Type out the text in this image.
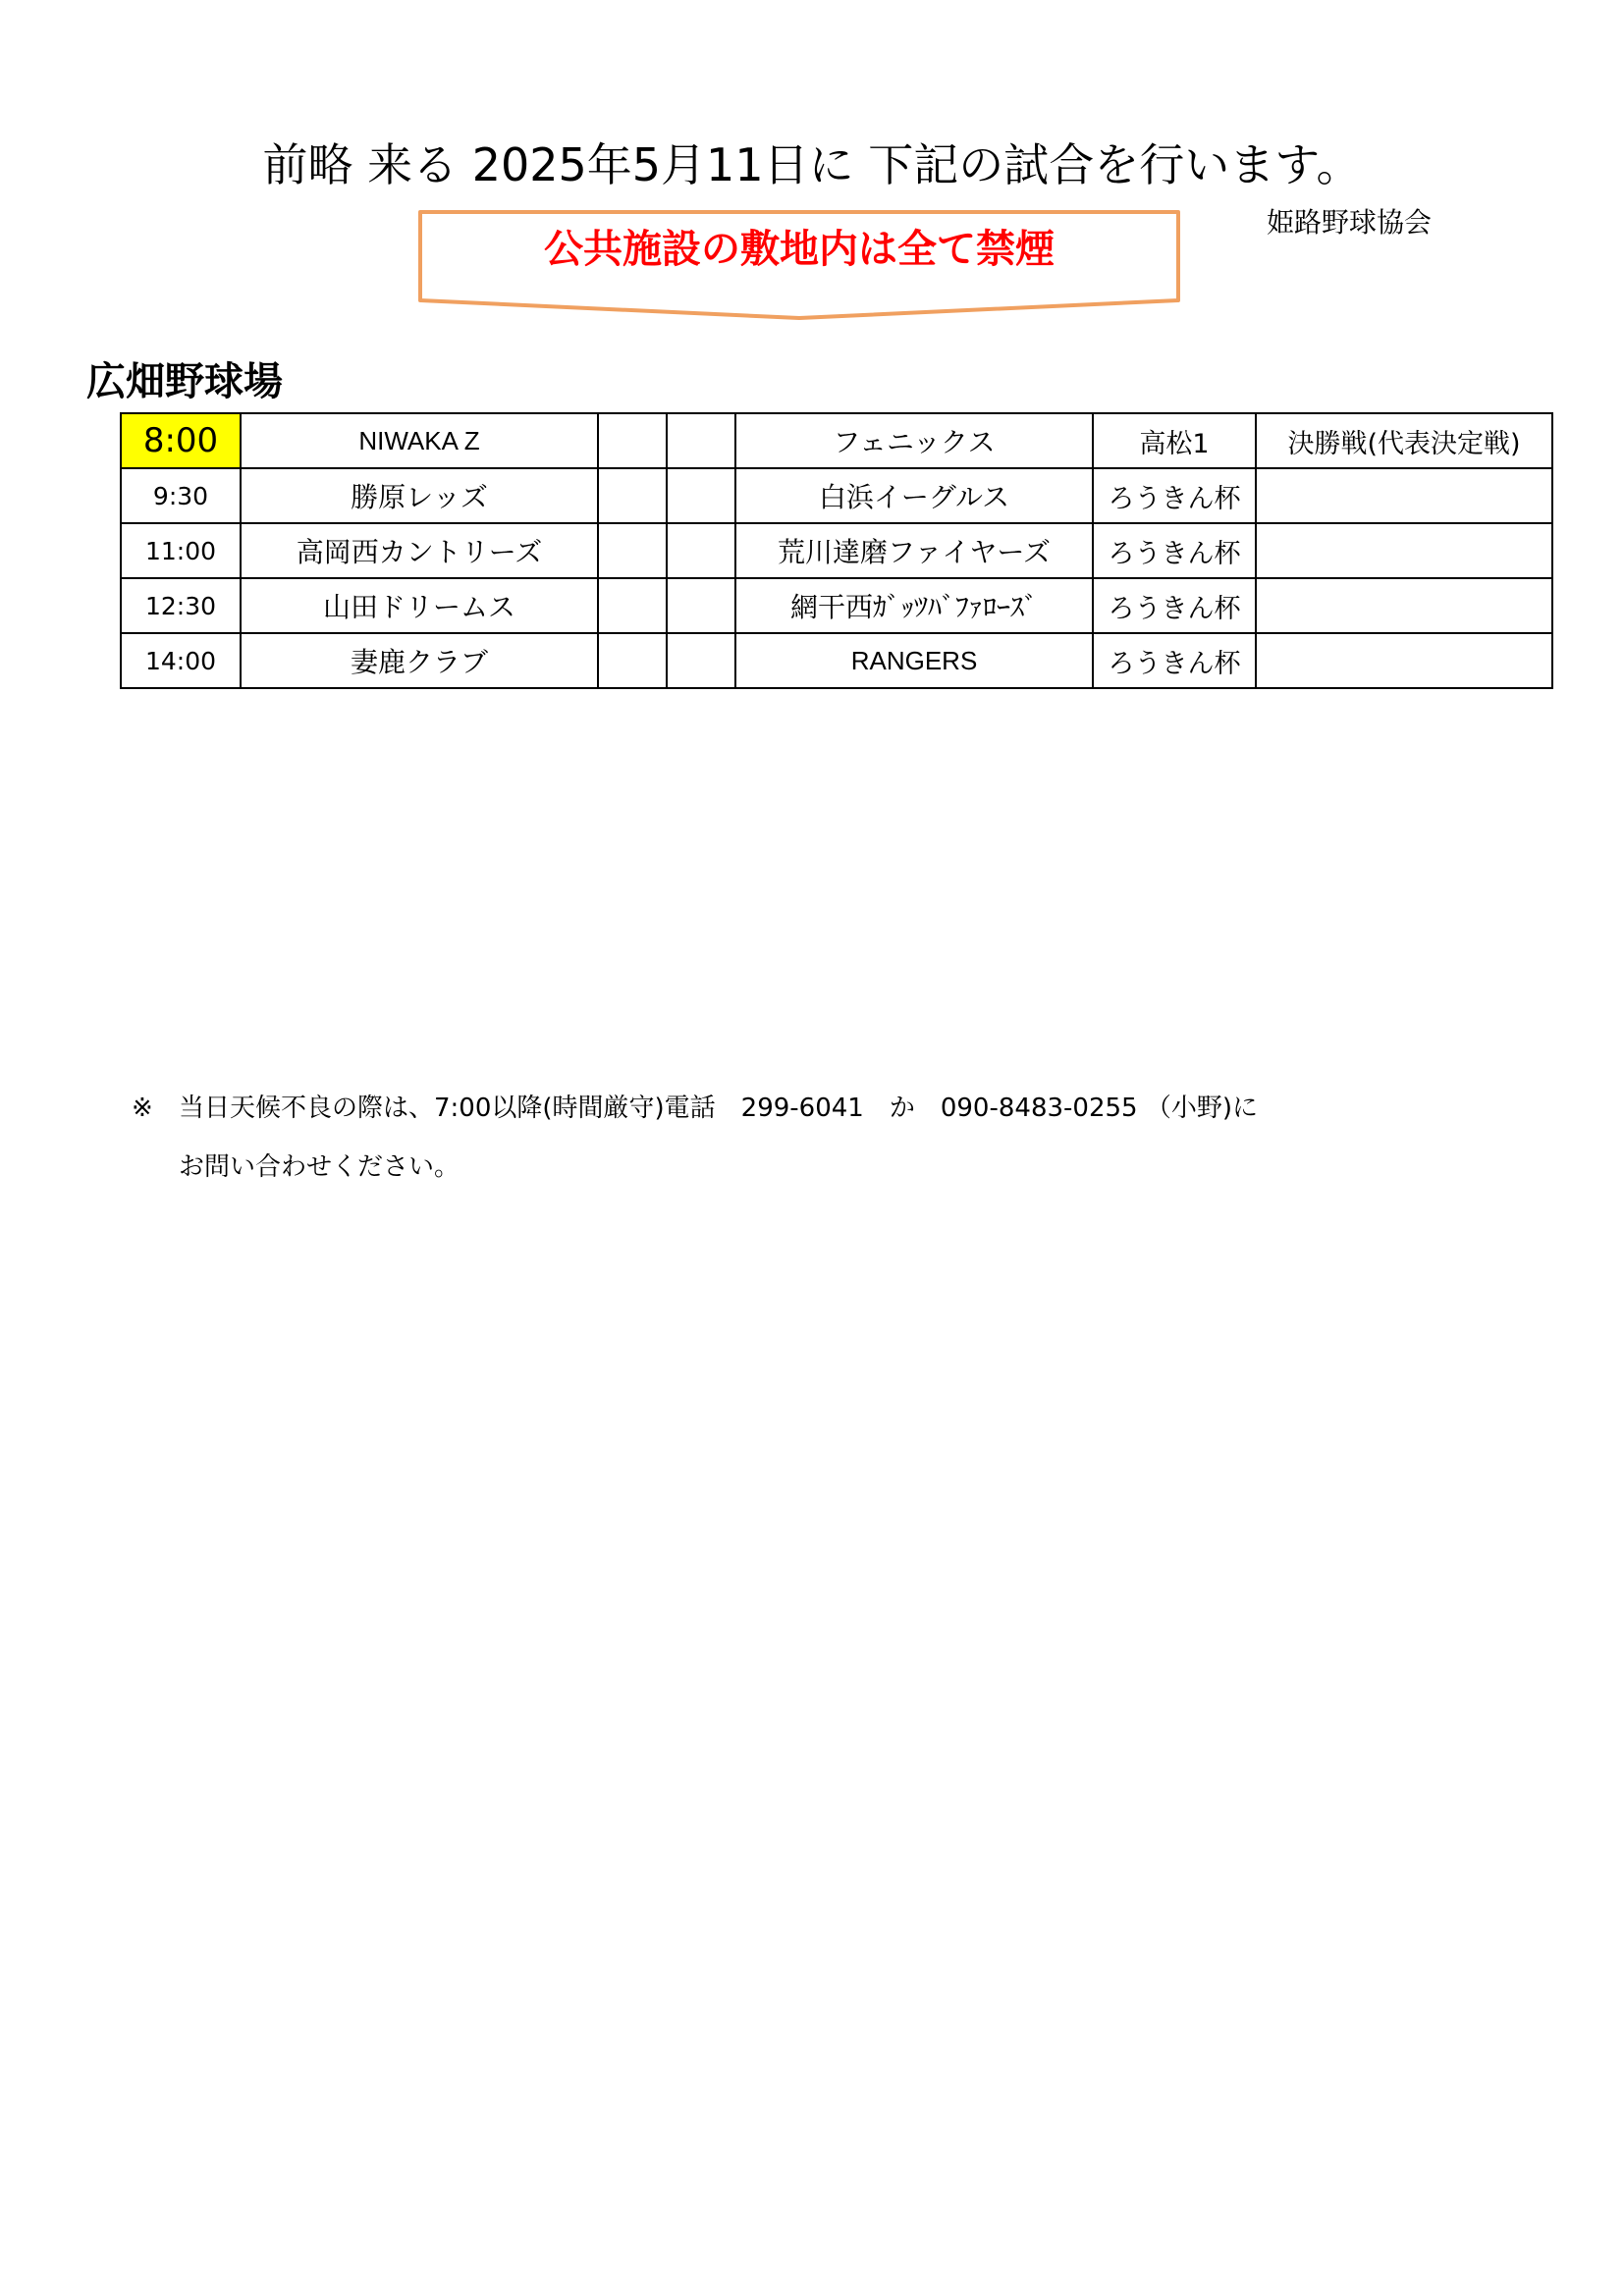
前略 来る 2025年5月11日に 下記の試合を行います。
姫路野球協会
公共施設の敷地内は全て禁煙
広畑野球場
8:00	NIWAKA Z			フェニックス	高松1	決勝戦(代表決定戦)
9:30	勝原レッズ			白浜イーグルス	ろうきん杯	
11:00	高岡西カントリーズ			荒川達磨ファイヤーズ	ろうきん杯	
12:30	山田ドリームス			網干西ｶﾞｯﾂﾊﾞﾌｧﾛｰｽﾞ	ろうきん杯	
14:00	妻鹿クラブ			RANGERS	ろうきん杯	
※ 当日天候不良の際は、7:00以降(時間厳守)電話　299-6041　か　090-8483-0255 （小野)に
お問い合わせください。
